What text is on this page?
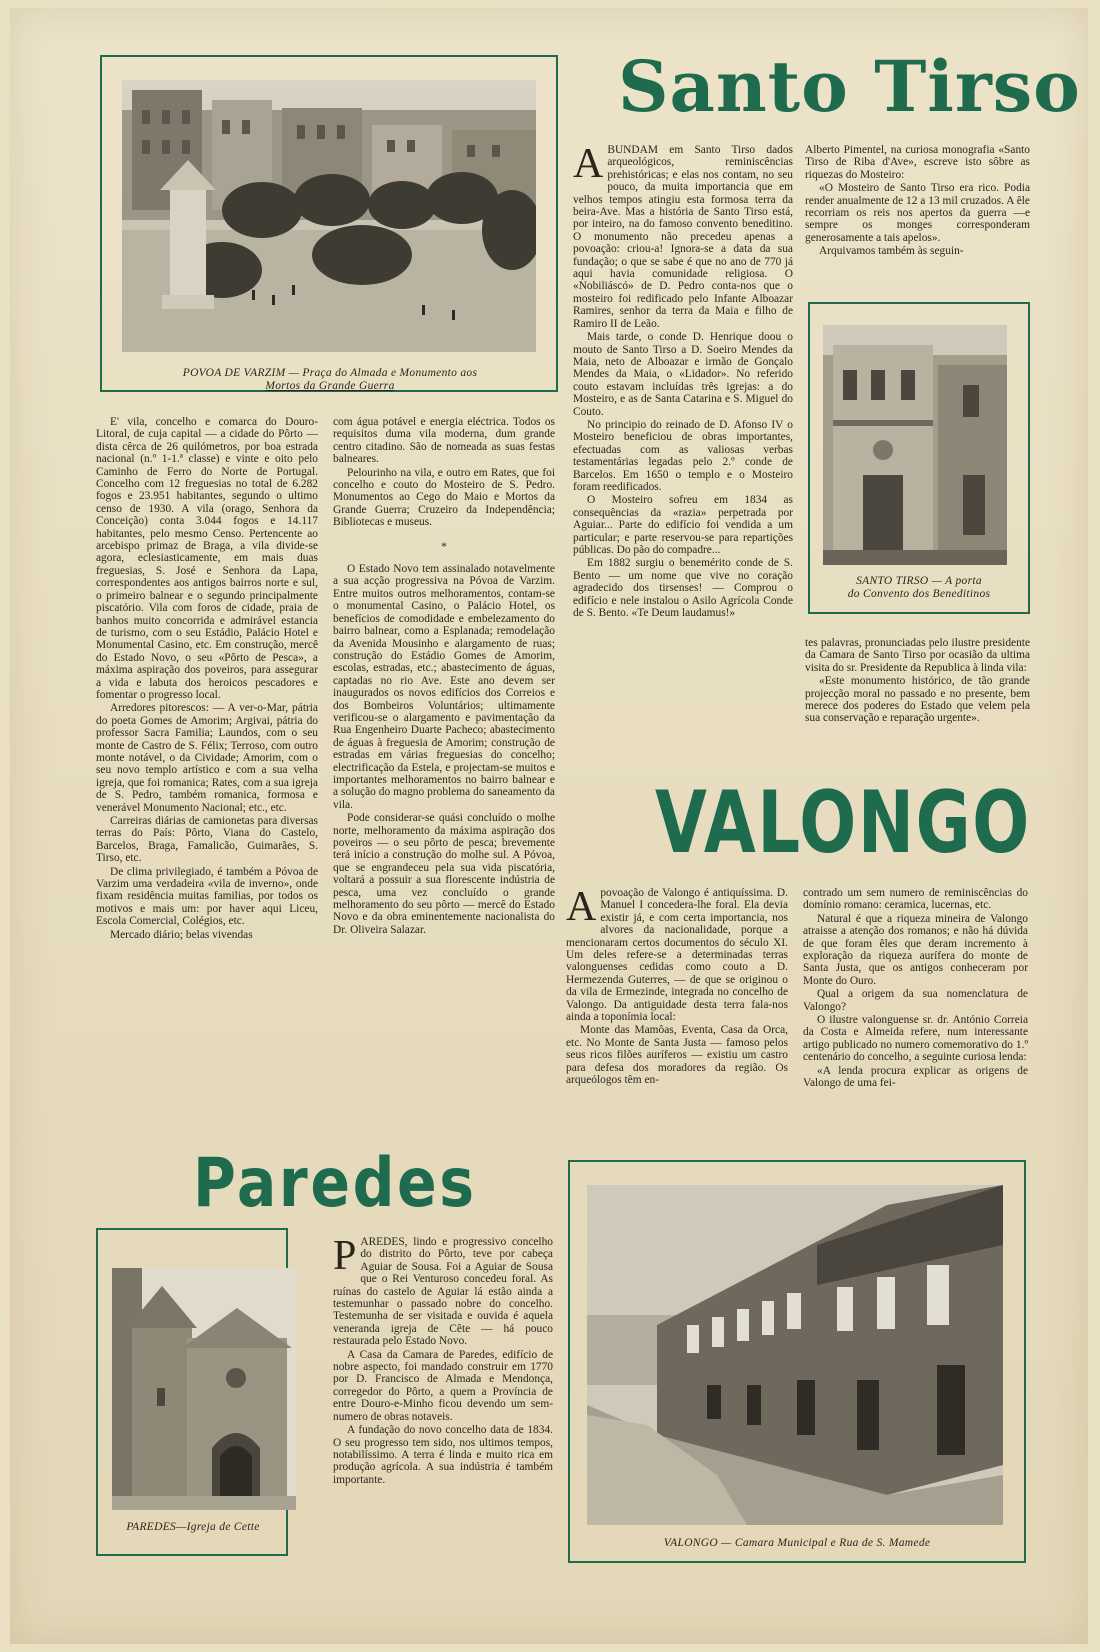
POVOA DE VARZIM — Praça do Almada e Monumento aos
Mortos da Grande Guerra
Santo Tirso
A BUNDAM em Santo Tirso dados arqueológicos, reminiscências prehistóricas; e elas nos contam, no seu pouco, da muita importancia que em velhos tempos atingiu esta formosa terra da beira-Ave. Mas a história de Santo Tirso está, por inteiro, na do famoso convento beneditino. O monumento não precedeu apenas a povoação: criou-a! Ignora-se a data da sua fundação; o que se sabe é que no ano de 770 já aqui havia comunidade religiosa. O «Nobiliáscó» de D. Pedro conta-nos que o mosteiro foi redificado pelo Infante Alboazar Ramires, senhor da terra da Maia e filho de Ramiro II de Leão.

Mais tarde, o conde D. Henrique doou o mouto de Santo Tirso a D. Soeiro Mendes da Maia, neto de Alboazar e irmão de Gonçalo Mendes da Maia, o «Lidador». No referido couto estavam incluídas três igrejas: a do Mosteiro, e as de Santa Catarina e S. Miguel do Couto.

No principio do reinado de D. Afonso IV o Mosteiro beneficiou de obras importantes, efectuadas com as valiosas verbas testamentárias legadas pelo 2.º conde de Barcelos. Em 1650 o templo e o Mosteiro foram reedificados.

O Mosteiro sofreu em 1834 as consequências da «razia» perpetrada por Aguiar... Parte do edifício foi vendida a um particular; e parte reservou-se para repartições públicas. Do pão do compadre...

Em 1882 surgiu o benemérito conde de S. Bento — um nome que vive no coração agradecido dos tirsenses! — Comprou o edifício e nele instalou o Asilo Agrícola Conde de S. Bento. «Te Deum laudamus!»

Alberto Pimentel, na curiosa monografia «Santo Tirso de Riba d'Ave», escreve isto sôbre as riquezas do Mosteiro:

«O Mosteiro de Santo Tirso era rico. Podia render anualmente de 12 a 13 mil cruzados. A êle recorriam os reis nos apertos da guerra —e sempre os monges corresponderam generosamente a tais apelos».

Arquivamos também às seguin-

SANTO TIRSO — A porta
do Convento dos Beneditinos

tes palavras, pronunciadas pelo ilustre presidente da Camara de Santo Tirso por ocasião da ultima visita do sr. Presidente da Republica à linda vila:

«Este monumento histórico, de tão grande projecção moral no passado e no presente, bem merece dos poderes do Estado que velem pela sua conservação e reparação urgente».

E' vila, concelho e comarca do Douro-Litoral, de cuja capital — a cidade do Pôrto — dista cêrca de 26 quilómetros, por boa estrada nacional (n.º 1-1.ª classe) e vinte e oito pelo Caminho de Ferro do Norte de Portugal. Concelho com 12 freguesias no total de 6.282 fogos e 23.951 habitantes, segundo o ultimo censo de 1930. A vila (orago, Senhora da Conceição) conta 3.044 fogos e 14.117 habitantes, pelo mesmo Censo. Pertencente ao arcebispo primaz de Braga, a vila divide-se agora, eclesiasticamente, em mais duas freguesias, S. José e Senhora da Lapa, correspondentes aos antigos bairros norte e sul, o primeiro balnear e o segundo principalmente piscatório. Vila com foros de cidade, praia de banhos muito concorrida e admirável estancia de turismo, com o seu Estádio, Palácio Hotel e Monumental Casino, etc. Em construção, mercê do Estado Novo, o seu «Pôrto de Pesca», a máxima aspiração dos poveiros, para assegurar a vida e labuta dos heroicos pescadores e fomentar o progresso local.

Arredores pitorescos: — A ver-o-Mar, pátria do poeta Gomes de Amorim; Argivai, pátria do professor Sacra Familia; Laundos, com o seu monte de Castro de S. Félix; Terroso, com outro monte notável, o da Cividade; Amorim, com o seu novo templo artístico e com a sua velha igreja, que foi romanica; Rates, com a sua igreja de S. Pedro, também romanica, formosa e venerável Monumento Nacional; etc., etc.

Carreiras diárias de camionetas para diversas terras do País: Pôrto, Viana do Castelo, Barcelos, Braga, Famalicão, Guimarães, S. Tirso, etc.

De clima privilegiado, é também a Póvoa de Varzim uma verdadeira «vila de inverno», onde fixam residência muitas familias, por todos os motivos e mais um: por haver aqui Liceu, Escola Comercial, Colégios, etc.

Mercado diário; belas vivendas

com água potável e energia eléctrica. Todos os requisitos duma vila moderna, dum grande centro citadino. São de nomeada as suas festas balneares.

Pelourinho na vila, e outro em Rates, que foi concelho e couto do Mosteiro de S. Pedro. Monumentos ao Cego do Maio e Mortos da Grande Guerra; Cruzeiro da Independência; Bibliotecas e museus.

*

O Estado Novo tem assinalado notavelmente a sua acção progressiva na Póvoa de Varzim. Entre muitos outros melhoramentos, contam-se o monumental Casino, o Palácio Hotel, os benefícios de comodidade e embelezamento do bairro balnear, como a Esplanada; remodelação da Avenida Mousinho e alargamento de ruas; construção do Estádio Gomes de Amorim, escolas, estradas, etc.; abastecimento de águas, captadas no rio Ave. Este ano devem ser inaugurados os novos edifícios dos Correios e dos Bombeiros Voluntários; ultimamente verificou-se o alargamento e pavimentação da Rua Engenheiro Duarte Pacheco; abastecimento de águas à freguesia de Amorim; construção de estradas em várias freguesias do concelho; electrificação da Estela, e projectam-se muitos e importantes melhoramentos no bairro balnear e a solução do magno problema do saneamento da vila.

Pode considerar-se quási concluído o molhe norte, melhoramento da máxima aspiração dos poveiros — o seu pôrto de pesca; brevemente terá início a construção do molhe sul. A Póvoa, que se engrandeceu pela sua vida piscatória, voltará a possuir a sua florescente indústria de pesca, uma vez concluído o grande melhoramento do seu pôrto — mercê do Estado Novo e da obra eminentemente nacionalista do Dr. Oliveira Salazar.

VALONGO
A povoação de Valongo é antiquíssima. D. Manuel I concedera-lhe foral. Ela devia existir já, e com certa importancia, nos alvores da nacionalidade, porque a mencionaram certos documentos do século XI. Um deles refere-se a determinadas terras valonguenses cedidas como couto a D. Hermezenda Guterres, — de que se originou o da vila de Ermezinde, integrada no concelho de Valongo. Da antiguidade desta terra fala-nos ainda a toponímia local:

Monte das Mamôas, Eventa, Casa da Orca, etc. No Monte de Santa Justa — famoso pelos seus ricos filões auríferos — existiu um castro para defesa dos moradores da região. Os arqueólogos têm en-

contrado um sem numero de reminiscências do domínio romano: ceramica, lucernas, etc.

Natural é que a riqueza mineira de Valongo atraisse a atenção dos romanos; e não há dúvida de que foram êles que deram incremento à exploração da riqueza aurífera do monte de Santa Justa, que os antigos conheceram por Monte do Ouro.

Qual a origem da sua nomenclatura de Valongo?

O ilustre valonguense sr. dr. António Correia da Costa e Almeida refere, num interessante artigo publicado no numero comemorativo do 1.º centenário do concelho, a seguinte curiosa lenda:

«A lenda procura explicar as origens de Valongo de uma fei-

VALONGO — Camara Municipal e Rua de S. Mamede
Paredes
PAREDES—Igreja de Cette
P AREDES, lindo e progressivo concelho do distrito do Pôrto, teve por cabeça Aguiar de Sousa. Foi a Aguiar de Sousa que o Rei Venturoso concedeu foral. As ruínas do castelo de Aguiar lá estão ainda a testemunhar o passado nobre do concelho. Testemunha de ser visitada e ouvida é aquela veneranda igreja de Cête — há pouco restaurada pelo Estado Novo.

A Casa da Camara de Paredes, edifício de nobre aspecto, foi mandado construir em 1770 por D. Francisco de Almada e Mendonça, corregedor do Pôrto, a quem a Província de entre Douro-e-Minho ficou devendo um sem-numero de obras notaveis.

A fundação do novo concelho data de 1834. O seu progresso tem sido, nos ultimos tempos, notabilíssimo. A terra é linda e muito rica em produção agrícola. A sua indústria é também importante.
